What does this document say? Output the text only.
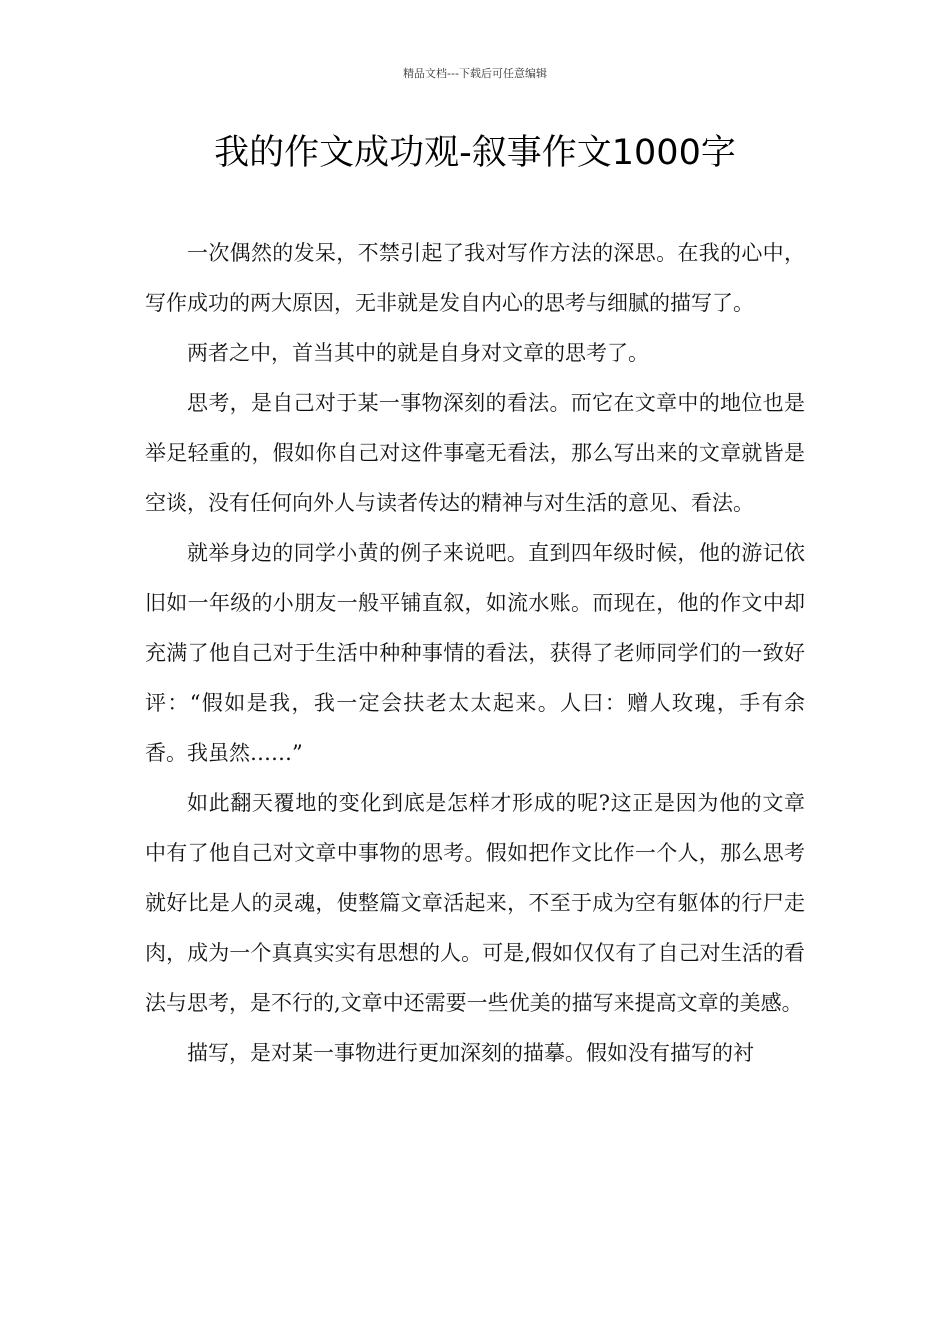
精品文档---下载后可任意编辑
我的作文成功观-叙事作文1000字

一次偶然的发呆，不禁引起了我对写作方法的深思。在我的心中，写作成功的两大原因，无非就是发自内心的思考与细腻的描写了。

两者之中，首当其中的就是自身对文章的思考了。

思考，是自己对于某一事物深刻的看法。而它在文章中的地位也是举足轻重的，假如你自己对这件事毫无看法，那么写出来的文章就皆是空谈，没有任何向外人与读者传达的精神与对生活的意见、看法。

就举身边的同学小黄的例子来说吧。直到四年级时候，他的游记依旧如一年级的小朋友一般平铺直叙，如流水账。而现在，他的作文中却充满了他自己对于生活中种种事情的看法，获得了老师同学们的一致好评：“假如是我，我一定会扶老太太起来。人曰：赠人玫瑰，手有余香。我虽然……”

如此翻天覆地的变化到底是怎样才形成的呢?这正是因为他的文章中有了他自己对文章中事物的思考。假如把作文比作一个人，那么思考就好比是人的灵魂，使整篇文章活起来，不至于成为空有躯体的行尸走肉，成为一个真真实实有思想的人。可是,假如仅仅有了自己对生活的看法与思考，是不行的,文章中还需要一些优美的描写来提高文章的美感。

描写，是对某一事物进行更加深刻的描摹。假如没有描写的衬
